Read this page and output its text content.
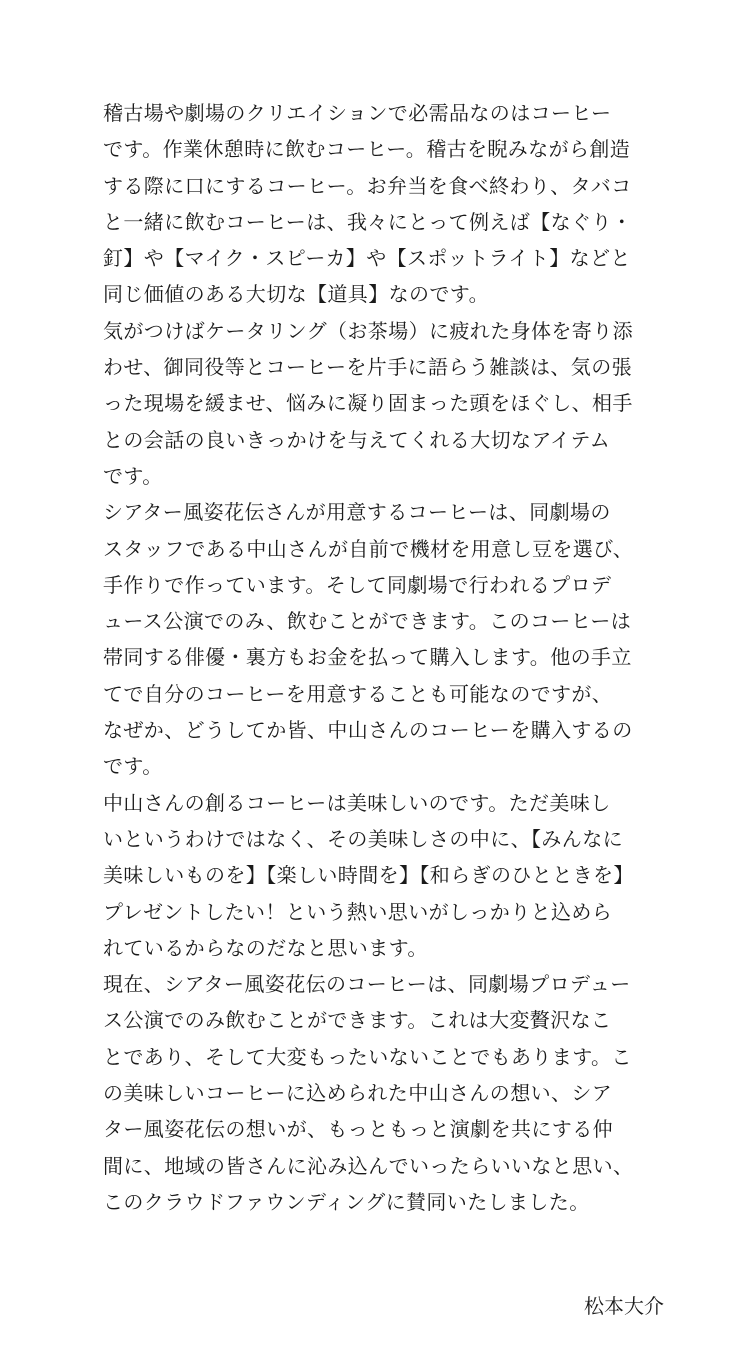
稽古場や劇場のクリエイションで必需品なのはコーヒー
です。作業休憩時に飲むコーヒー。稽古を睨みながら創造
する際に口にするコーヒー。お弁当を食べ終わり、タバコ
と一緒に飲むコーヒーは、我々にとって例えば【なぐり・
釘】や【マイク・スピーカ】や【スポットライト】などと
同じ価値のある大切な【道具】なのです。
気がつけばケータリング（お茶場）に疲れた身体を寄り添
わせ、御同役等とコーヒーを片手に語らう雑談は、気の張
った現場を緩ませ、悩みに凝り固まった頭をほぐし、相手
との会話の良いきっかけを与えてくれる大切なアイテム
です。
シアター風姿花伝さんが用意するコーヒーは、同劇場の
スタッフである中山さんが自前で機材を用意し豆を選び、
手作りで作っています。そして同劇場で行われるプロデ
ュース公演でのみ、飲むことができます。このコーヒーは
帯同する俳優・裏方もお金を払って購入します。他の手立
てで自分のコーヒーを用意することも可能なのですが、
なぜか、どうしてか皆、中山さんのコーヒーを購入するの
です。
中山さんの創るコーヒーは美味しいのです。ただ美味し
いというわけではなく、その美味しさの中に、【みんなに
美味しいものを】【楽しい時間を】【和らぎのひとときを】
プレゼントしたい！という熱い思いがしっかりと込めら
れているからなのだなと思います。
現在、シアター風姿花伝のコーヒーは、同劇場プロデュー
ス公演でのみ飲むことができます。これは大変贅沢なこ
とであり、そして大変もったいないことでもあります。こ
の美味しいコーヒーに込められた中山さんの想い、シア
ター風姿花伝の想いが、もっともっと演劇を共にする仲
間に、地域の皆さんに沁み込んでいったらいいなと思い、
このクラウドファウンディングに賛同いたしました。
松本大介
